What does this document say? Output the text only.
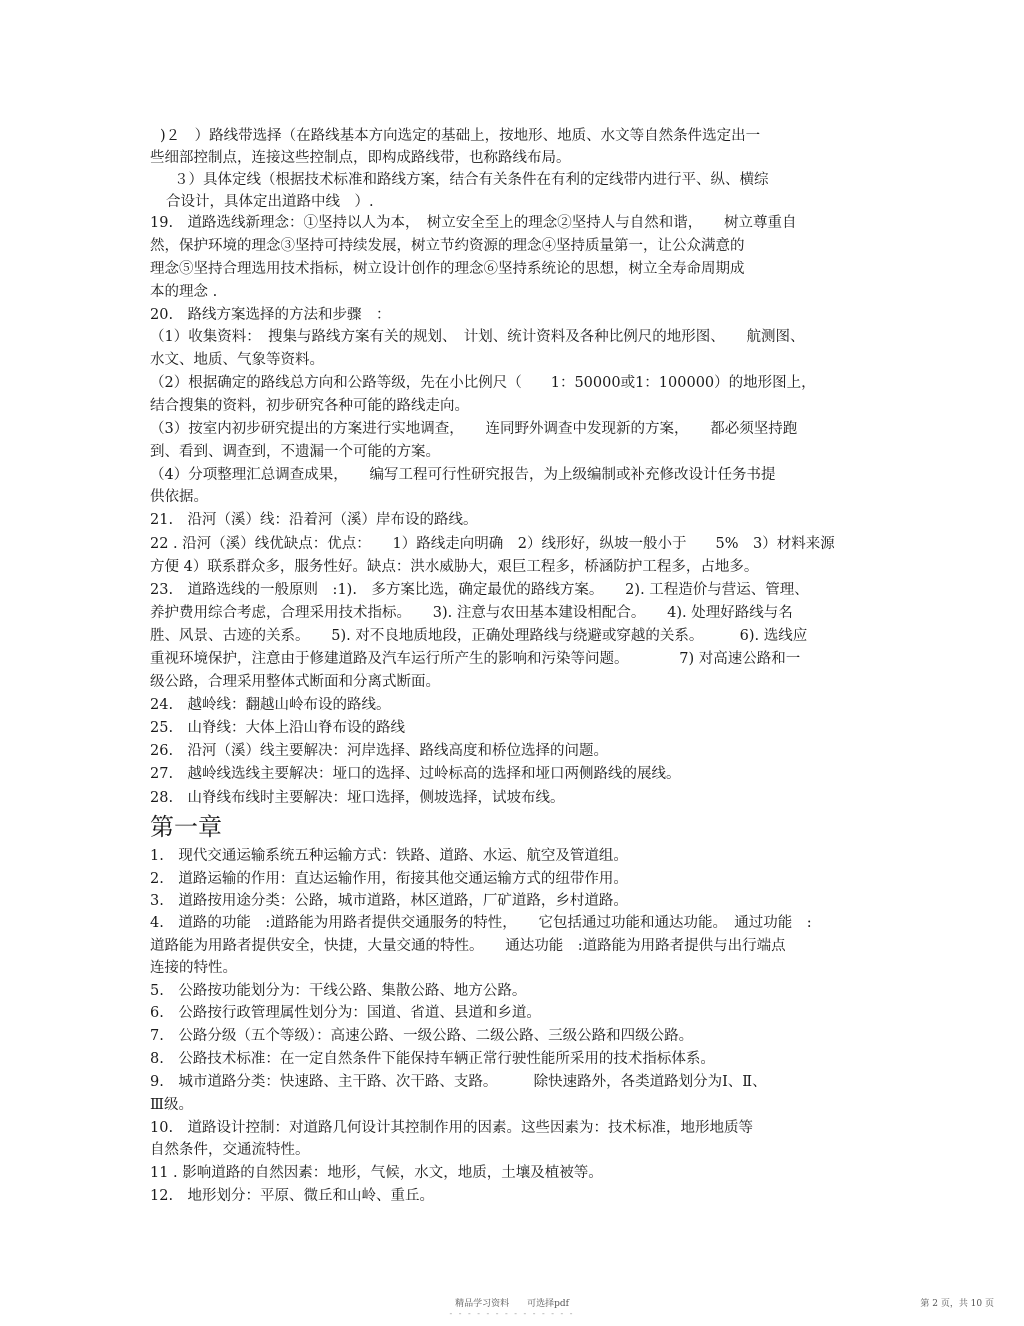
)２　）路线带选择（在路线基本方向选定的基础上，按地形、地质、水文等自然条件选定出一
些细部控制点，连接这些控制点，即构成路线带，也称路线布局。
３）具体定线（根据技术标准和路线方案，结合有关条件在有利的定线带内进行平、纵、横综
合设计，具体定出道路中线　）.
19.　道路选线新理念：①坚持以人为本，　树立安全至上的理念②坚持人与自然和谐，　　树立尊重自
然，保护环境的理念③坚持可持续发展，树立节约资源的理念④坚持质量第一，让公众满意的
理念⑤坚持合理选用技术指标，树立设计创作的理念⑥坚持系统论的思想，树立全寿命周期成
本的理念 .
20.　路线方案选择的方法和步骤　：
（1）收集资料：　搜集与路线方案有关的规划、　计划、统计资料及各种比例尺的地形图、　　航测图、
水文、地质、气象等资料。
（2）根据确定的路线总方向和公路等级，先在小比例尺（　　1：50000或1：100000）的地形图上，
结合搜集的资料，初步研究各种可能的路线走向。
（3）按室内初步研究提出的方案进行实地调查，　　连同野外调查中发现新的方案，　　都必须坚持跑
到、看到、调查到，不遗漏一个可能的方案。
（4）分项整理汇总调查成果，　　编写工程可行性研究报告，为上级编制或补充修改设计任务书提
供依据。
21.　沿河（溪）线：沿着河（溪）岸布设的路线。
22 . 沿河（溪）线优缺点：优点：　　1）路线走向明确　2）线形好，纵坡一般小于　　5%　3）材料来源
方便 4）联系群众多，服务性好。缺点：洪水威胁大，艰巨工程多，桥涵防护工程多，占地多。
23.　道路选线的一般原则　:1).　多方案比选，确定最优的路线方案。　　2). 工程造价与营运、管理、
养护费用综合考虑，合理采用技术指标。　　3). 注意与农田基本建设相配合。　　4). 处理好路线与名
胜、风景、古迹的关系。　　5). 对不良地质地段，正确处理路线与绕避或穿越的关系。　　　6). 选线应
重视环境保护，注意由于修建道路及汽车运行所产生的影响和污染等问题。　　　　7) 对高速公路和一
级公路，合理采用整体式断面和分离式断面。
24.　越岭线：翻越山岭布设的路线。
25.　山脊线：大体上沿山脊布设的路线
26.　沿河（溪）线主要解决：河岸选择、路线高度和桥位选择的问题。
27.　越岭线选线主要解决：垭口的选择、过岭标高的选择和垭口两侧路线的展线。
28.　山脊线布线时主要解决：垭口选择，侧坡选择，试坡布线。
1.　现代交通运输系统五种运输方式：铁路、道路、水运、航空及管道组。
2.　道路运输的作用：直达运输作用，衔接其他交通运输方式的纽带作用。
3.　道路按用途分类：公路，城市道路，林区道路，厂矿道路，乡村道路。
4.　道路的功能　:道路能为用路者提供交通服务的特性，　　它包括通过功能和通达功能。　通过功能　:
道路能为用路者提供安全，快捷，大量交通的特性。　　通达功能　:道路能为用路者提供与出行端点
连接的特性。
5.　公路按功能划分为：干线公路、集散公路、地方公路。
6.　公路按行政管理属性划分为：国道、省道、县道和乡道。
7.　公路分级（五个等级）：高速公路、一级公路、二级公路、三级公路和四级公路。
8.　公路技术标准：在一定自然条件下能保持车辆正常行驶性能所采用的技术指标体系。
9.　城市道路分类：快速路、主干路、次干路、支路。　　　除快速路外，各类道路划分为Ⅰ、Ⅱ、
Ⅲ级。
10.　道路设计控制：对道路几何设计其控制作用的因素。这些因素为：技术标准，地形地质等
自然条件，交通流特性。
11 . 影响道路的自然因素：地形，气候，水文，地质，土壤及植被等。
12.　地形划分：平原、微丘和山岭、重丘。
第一章
精品学习资料　　可选择pdf
- - - - - - - - - - - - - -
第 2 页，共 10 页
